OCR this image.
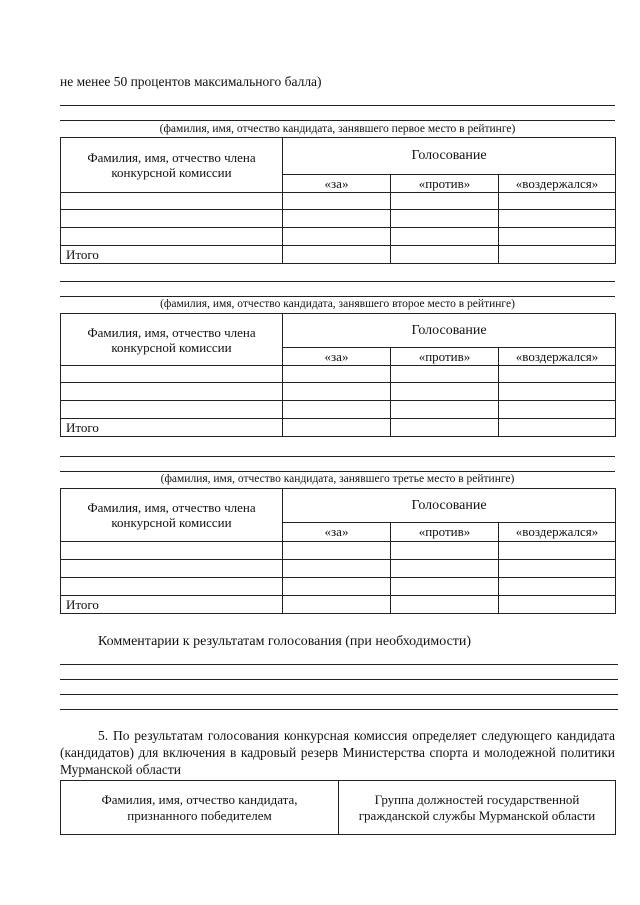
не менее 50 процентов максимального балла)
(фамилия, имя, отчество кандидата, занявшего первое место в рейтинге)
Фамилия, имя, отчество члена конкурсной комиссии	Голосование		
	«за»	«против»	«воздержался»

Итого			
(фамилия, имя, отчество кандидата, занявшего второе место в рейтинге)
Фамилия, имя, отчество члена конкурсной комиссии	Голосование		
	«за»	«против»	«воздержался»

Итого			
(фамилия, имя, отчество кандидата, занявшего третье место в рейтинге)
Фамилия, имя, отчество члена конкурсной комиссии	Голосование		
	«за»	«против»	«воздержался»

Итого			
Комментарии к результатам голосования (при необходимости)
5. По результатам голосования конкурсная комиссия определяет следующего кандидата (кандидатов) для включения в кадровый резерв Министерства спорта и молодежной политики Мурманской области
Фамилия, имя, отчество кандидата, признанного победителем	Группа должностей государственной гражданской службы Мурманской области
